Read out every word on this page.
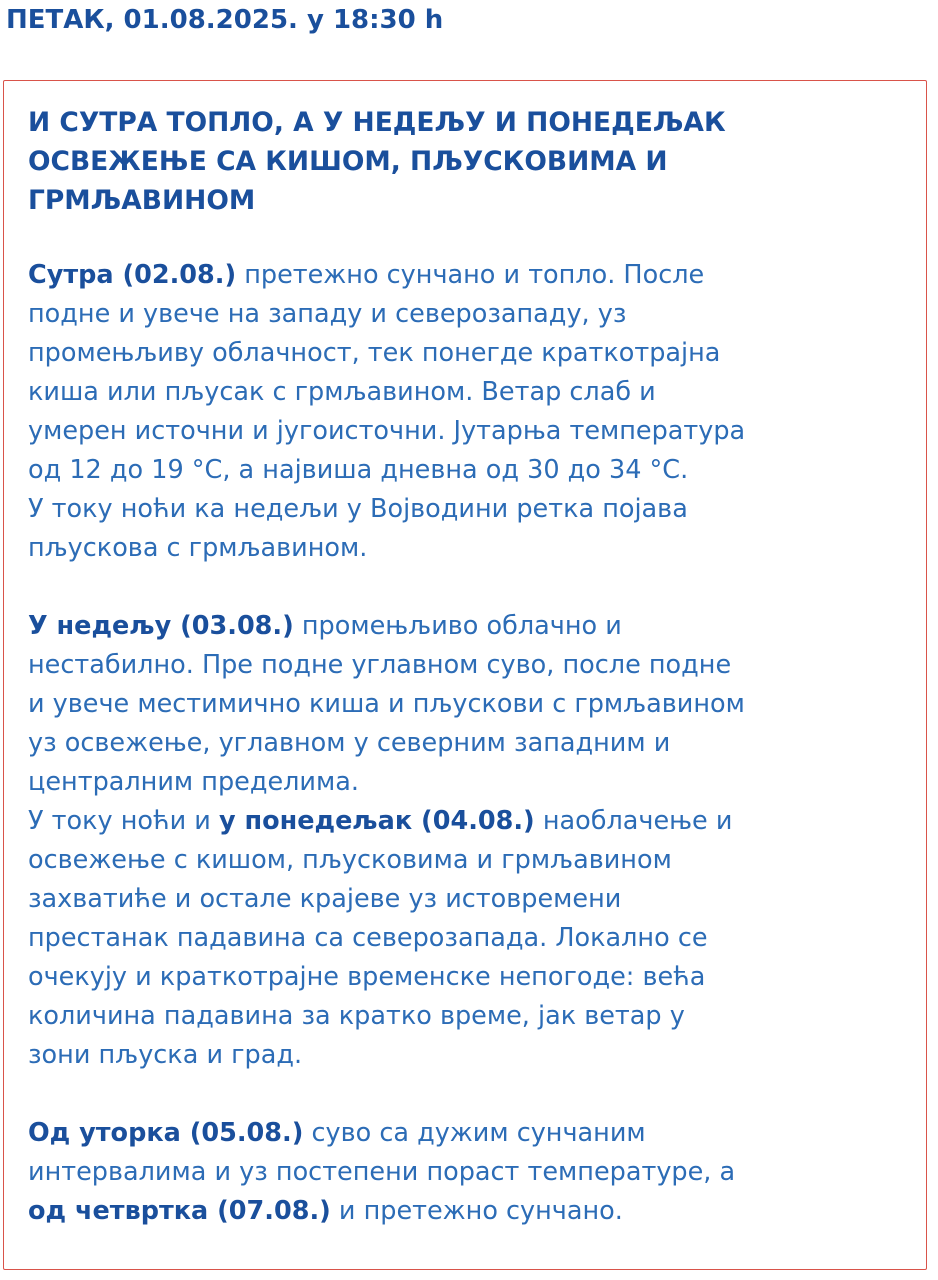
ПЕТАК, 01.08.2025. у 18:30 h
И СУТРА ТОПЛО, А У НЕДЕЉУ И ПОНЕДЕЉАК
ОСВЕЖЕЊЕ СА КИШОМ, ПЉУСКОВИМА И
ГРМЉАВИНОМ
Сутра (02.08.) претежно сунчано и топло. После
подне и увече на западу и северозападу, уз
промењљиву облачност, тек понегде краткотрајна
киша или пљусак с грмљавином. Ветар слаб и
умерен источни и југоисточни. Јутарња температура
од 12 до 19 °C, а највиша дневна од 30 до 34 °C.
У току ноћи ка недељи у Војводини ретка појава
пљускова с грмљавином.
У недељу (03.08.) промењљиво облачно и
нестабилно. Пре подне углавном суво, после подне
и увече местимично киша и пљускови с грмљавином
уз освежење, углавном у северним западним и
централним пределима.
У току ноћи и у понедељак (04.08.) наоблачење и
освежење с кишом, пљусковима и грмљавином
захватиће и остале крајеве уз истовремени
престанак падавина са северозапада. Локално се
очекују и краткотрајне временске непогоде: већа
количина падавина за кратко време, јак ветар у
зони пљуска и град.
Од уторка (05.08.) суво са дужим сунчаним
интервалима и уз постепени пораст температуре, а
од четвртка (07.08.) и претежно сунчано.
